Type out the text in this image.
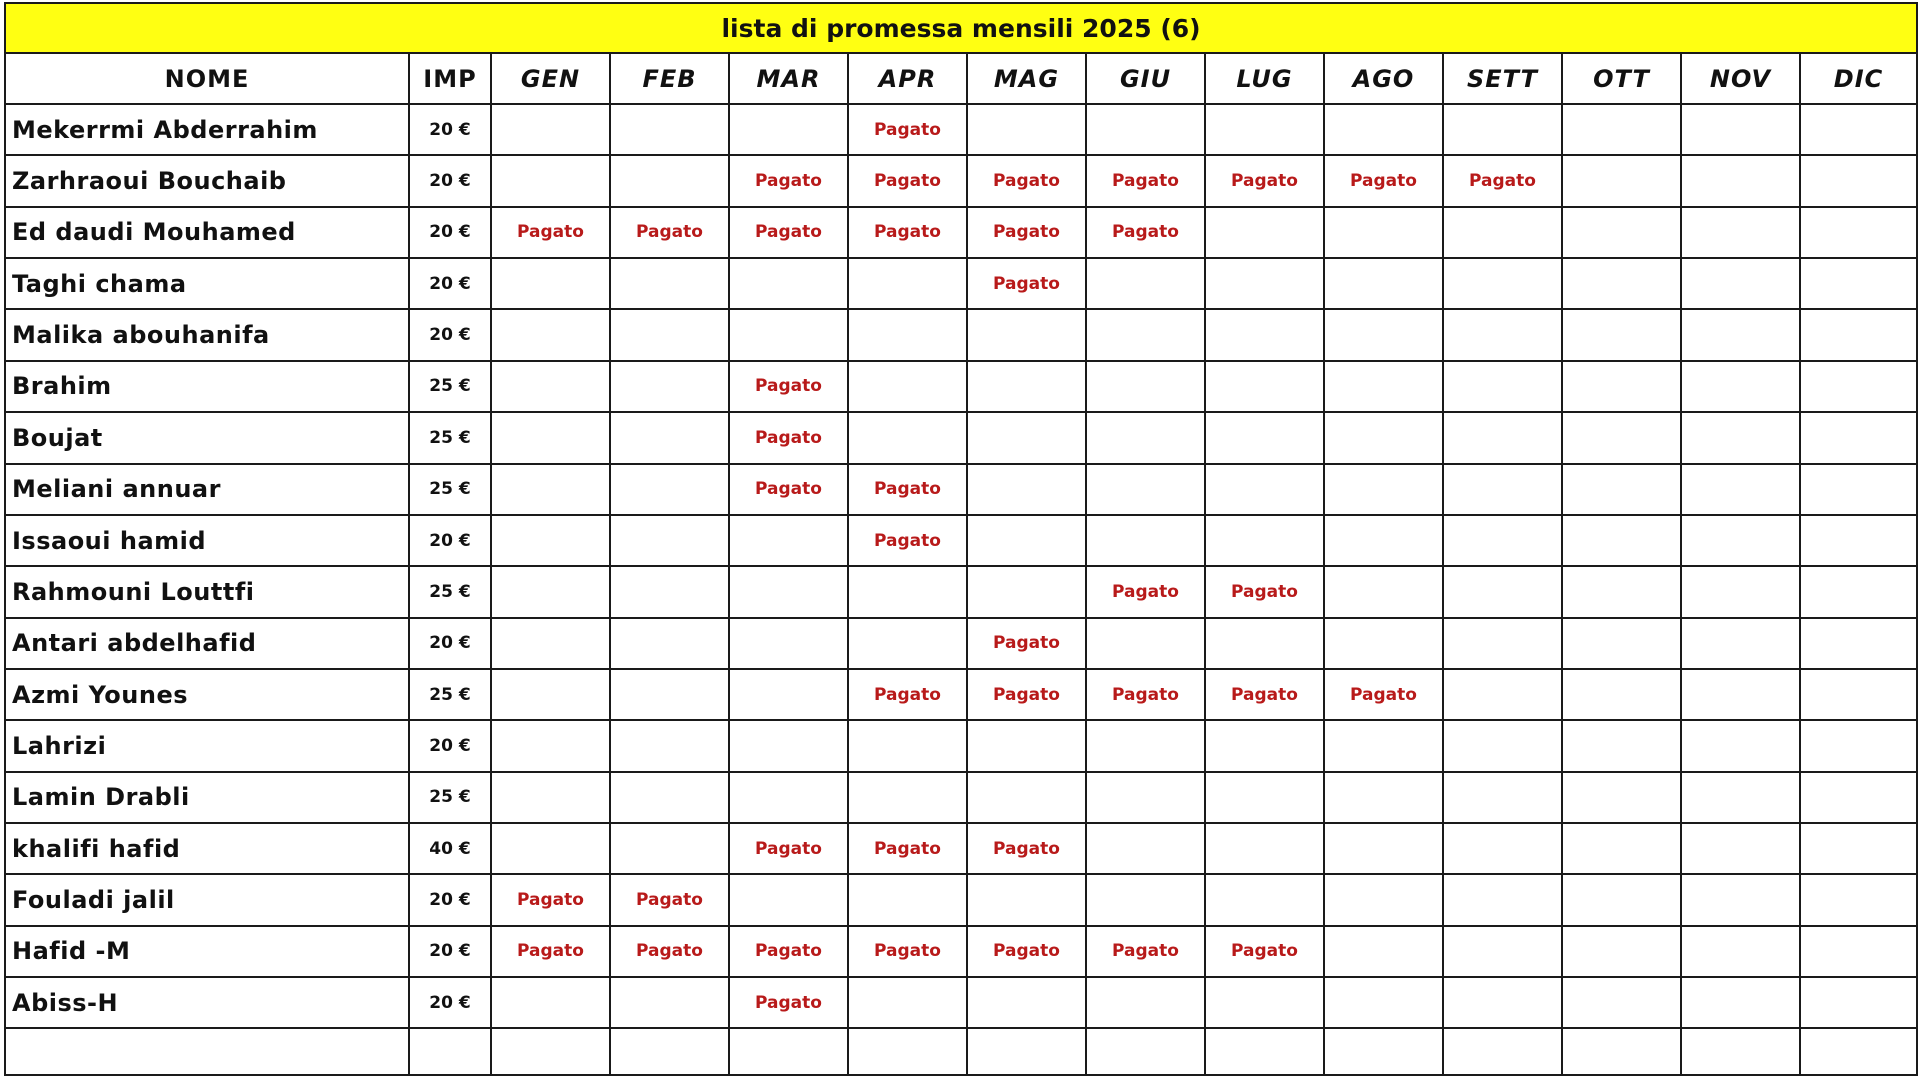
lista di promessa mensili 2025 (6)													
NOME	IMP	GEN	FEB	MAR	APR	MAG	GIU	LUG	AGO	SETT	OTT	NOV	DIC
Mekerrmi Abderrahim	20 €				Pagato								
Zarhraoui Bouchaib	20 €			Pagato	Pagato	Pagato	Pagato	Pagato	Pagato	Pagato			
Ed daudi Mouhamed	20 €	Pagato	Pagato	Pagato	Pagato	Pagato	Pagato						
Taghi chama	20 €					Pagato							
Malika abouhanifa	20 €												
Brahim	25 €			Pagato									
Boujat	25 €			Pagato									
Meliani annuar	25 €			Pagato	Pagato								
Issaoui hamid	20 €				Pagato								
Rahmouni Louttfi	25 €						Pagato	Pagato					
Antari abdelhafid	20 €					Pagato							
Azmi Younes	25 €				Pagato	Pagato	Pagato	Pagato	Pagato				
Lahrizi	20 €												
Lamin Drabli	25 €												
khalifi hafid	40 €			Pagato	Pagato	Pagato							
Fouladi jalil	20 €	Pagato	Pagato										
Hafid -M	20 €	Pagato	Pagato	Pagato	Pagato	Pagato	Pagato	Pagato					
Abiss-H	20 €			Pagato									
